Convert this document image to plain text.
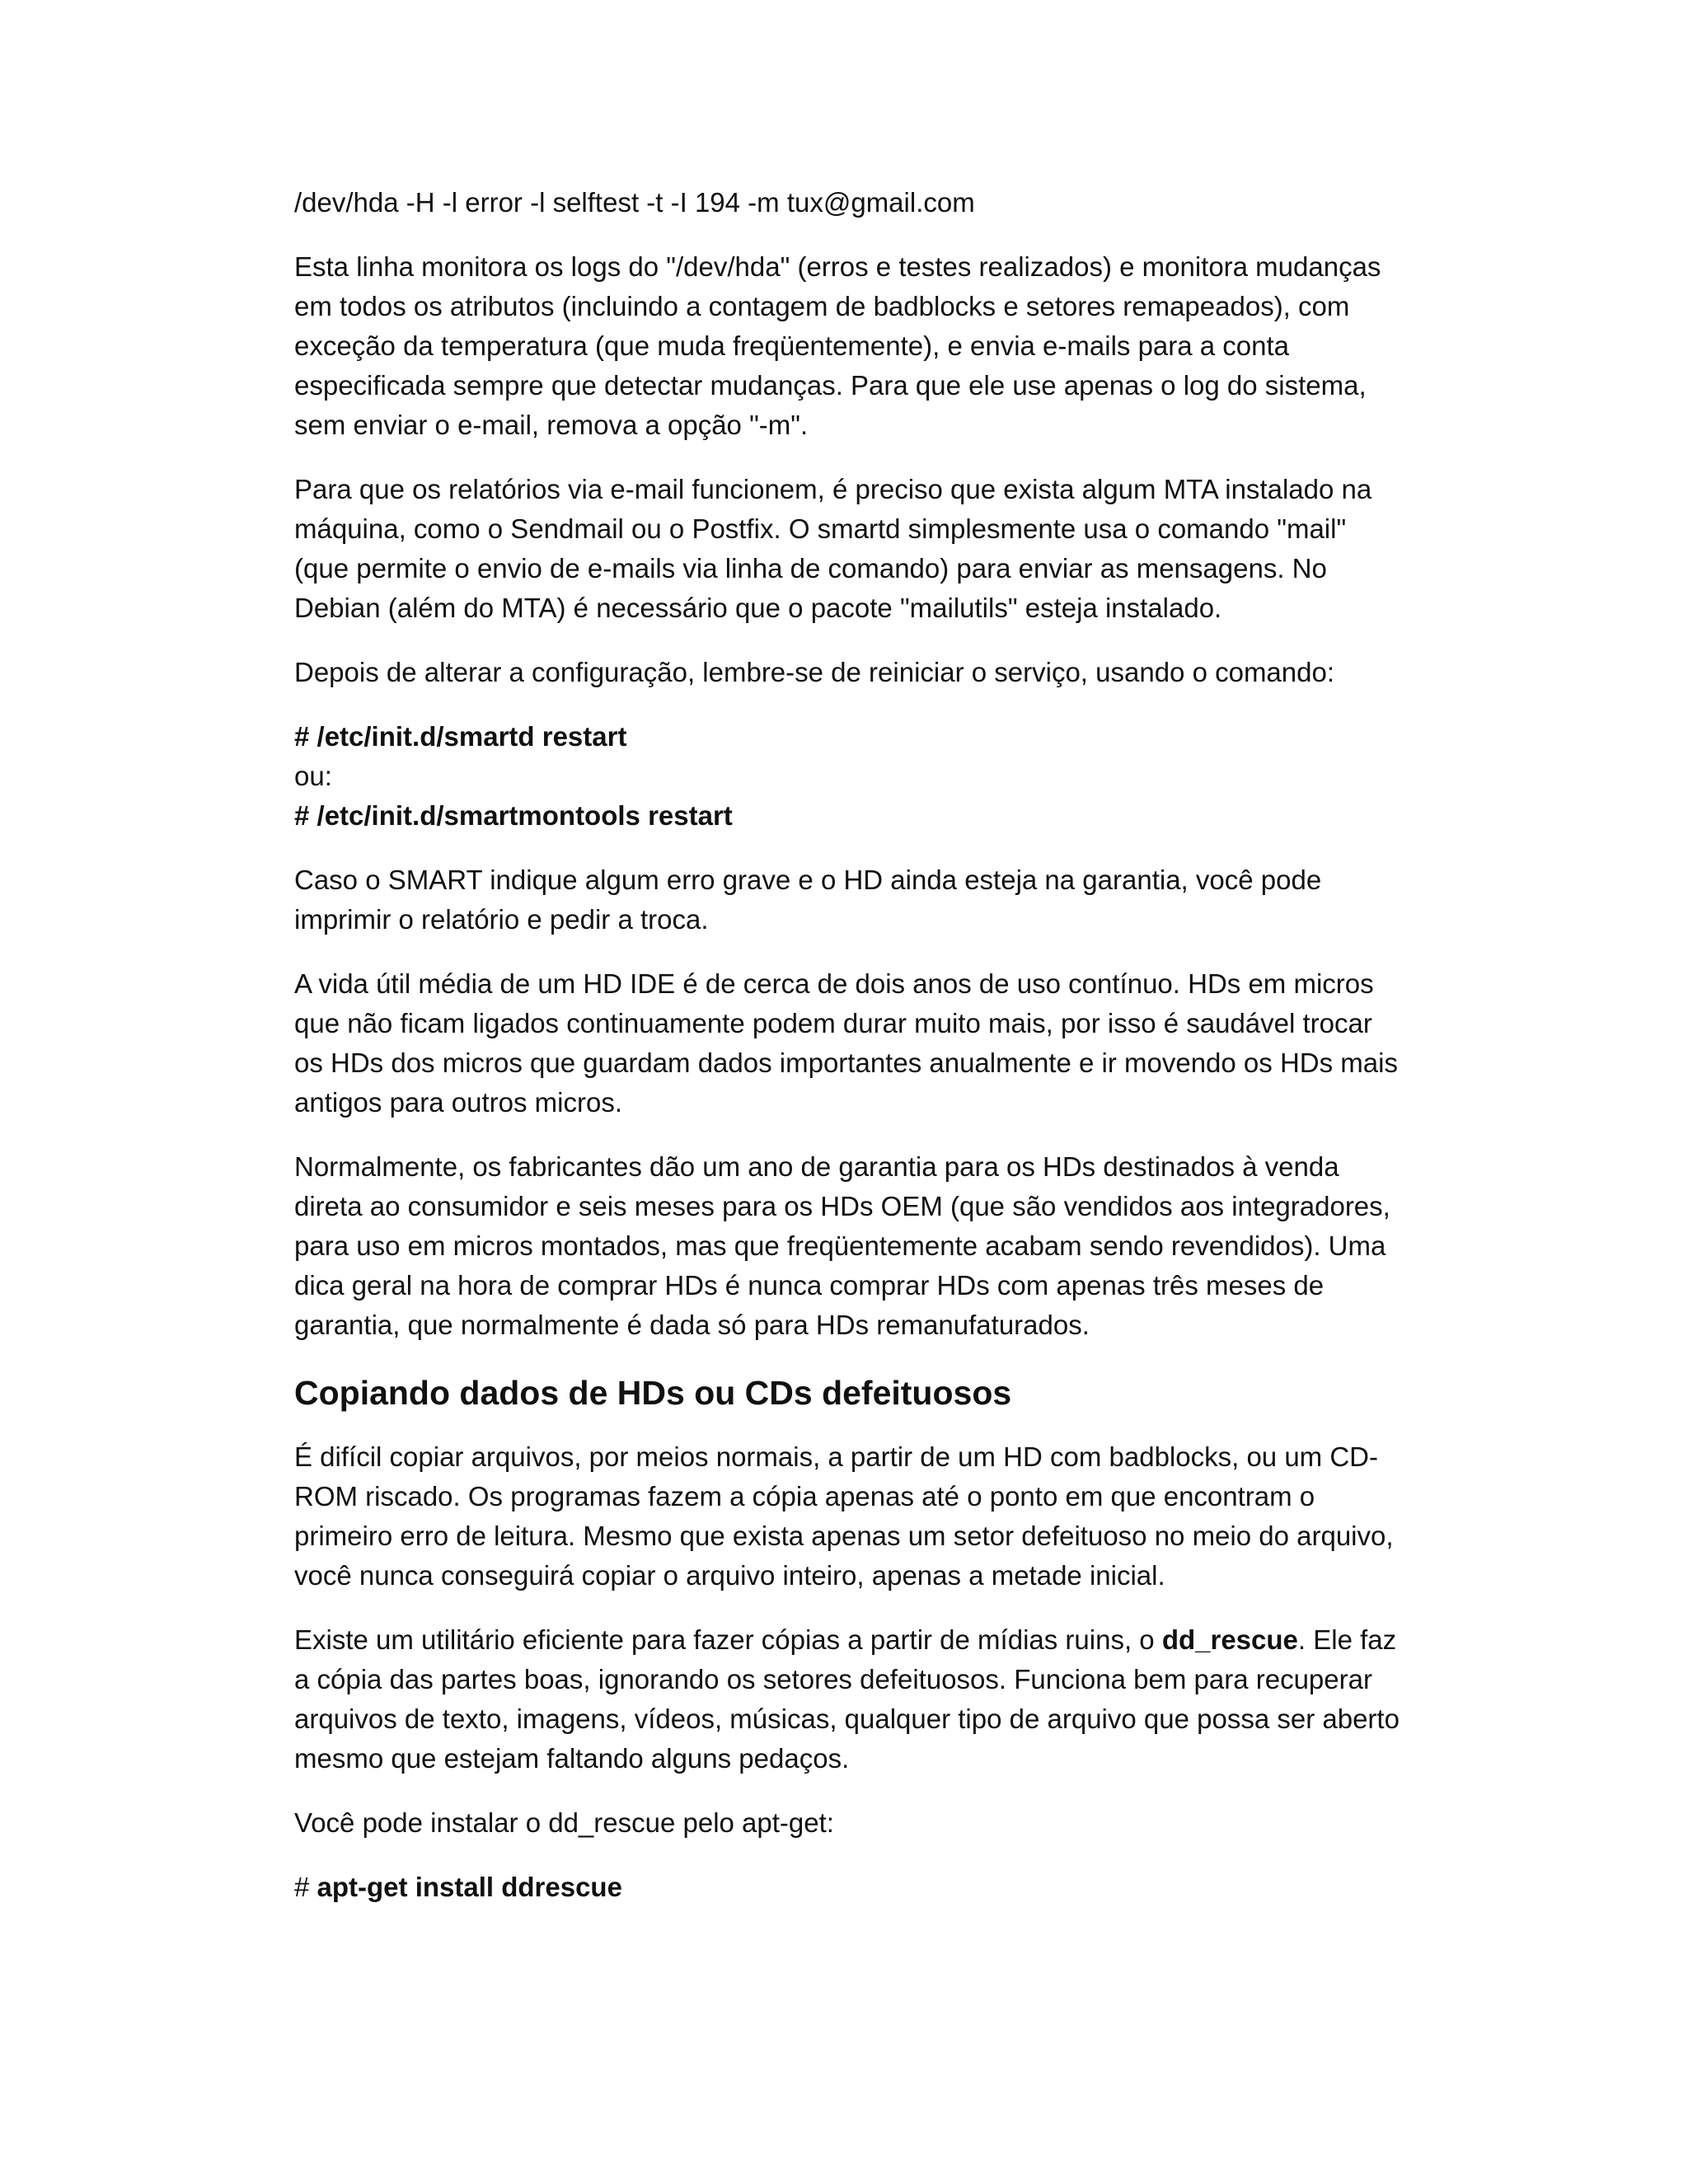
/dev/hda -H -l error -l selftest -t -I 194 -m tux@gmail.com

Esta linha monitora os logs do "/dev/hda" (erros e testes realizados) e monitora mudanças em todos os atributos (incluindo a contagem de badblocks e setores remapeados), com exceção da temperatura (que muda freqüentemente), e envia e-mails para a conta especificada sempre que detectar mudanças. Para que ele use apenas o log do sistema, sem enviar o e-mail, remova a opção "-m".

Para que os relatórios via e-mail funcionem, é preciso que exista algum MTA instalado na máquina, como o Sendmail ou o Postfix. O smartd simplesmente usa o comando "mail" (que permite o envio de e-mails via linha de comando) para enviar as mensagens. No Debian (além do MTA) é necessário que o pacote "mailutils" esteja instalado.

Depois de alterar a configuração, lembre-se de reiniciar o serviço, usando o comando:

# /etc/init.d/smartd restart
ou:
# /etc/init.d/smartmontools restart

Caso o SMART indique algum erro grave e o HD ainda esteja na garantia, você pode imprimir o relatório e pedir a troca.

A vida útil média de um HD IDE é de cerca de dois anos de uso contínuo. HDs em micros que não ficam ligados continuamente podem durar muito mais, por isso é saudável trocar os HDs dos micros que guardam dados importantes anualmente e ir movendo os HDs mais antigos para outros micros.

Normalmente, os fabricantes dão um ano de garantia para os HDs destinados à venda direta ao consumidor e seis meses para os HDs OEM (que são vendidos aos integradores, para uso em micros montados, mas que freqüentemente acabam sendo revendidos). Uma dica geral na hora de comprar HDs é nunca comprar HDs com apenas três meses de garantia, que normalmente é dada só para HDs remanufaturados.

Copiando dados de HDs ou CDs defeituosos

É difícil copiar arquivos, por meios normais, a partir de um HD com badblocks, ou um CD-ROM riscado. Os programas fazem a cópia apenas até o ponto em que encontram o primeiro erro de leitura. Mesmo que exista apenas um setor defeituoso no meio do arquivo, você nunca conseguirá copiar o arquivo inteiro, apenas a metade inicial.

Existe um utilitário eficiente para fazer cópias a partir de mídias ruins, o dd_rescue. Ele faz a cópia das partes boas, ignorando os setores defeituosos. Funciona bem para recuperar arquivos de texto, imagens, vídeos, músicas, qualquer tipo de arquivo que possa ser aberto mesmo que estejam faltando alguns pedaços.

Você pode instalar o dd_rescue pelo apt-get:

# apt-get install ddrescue
